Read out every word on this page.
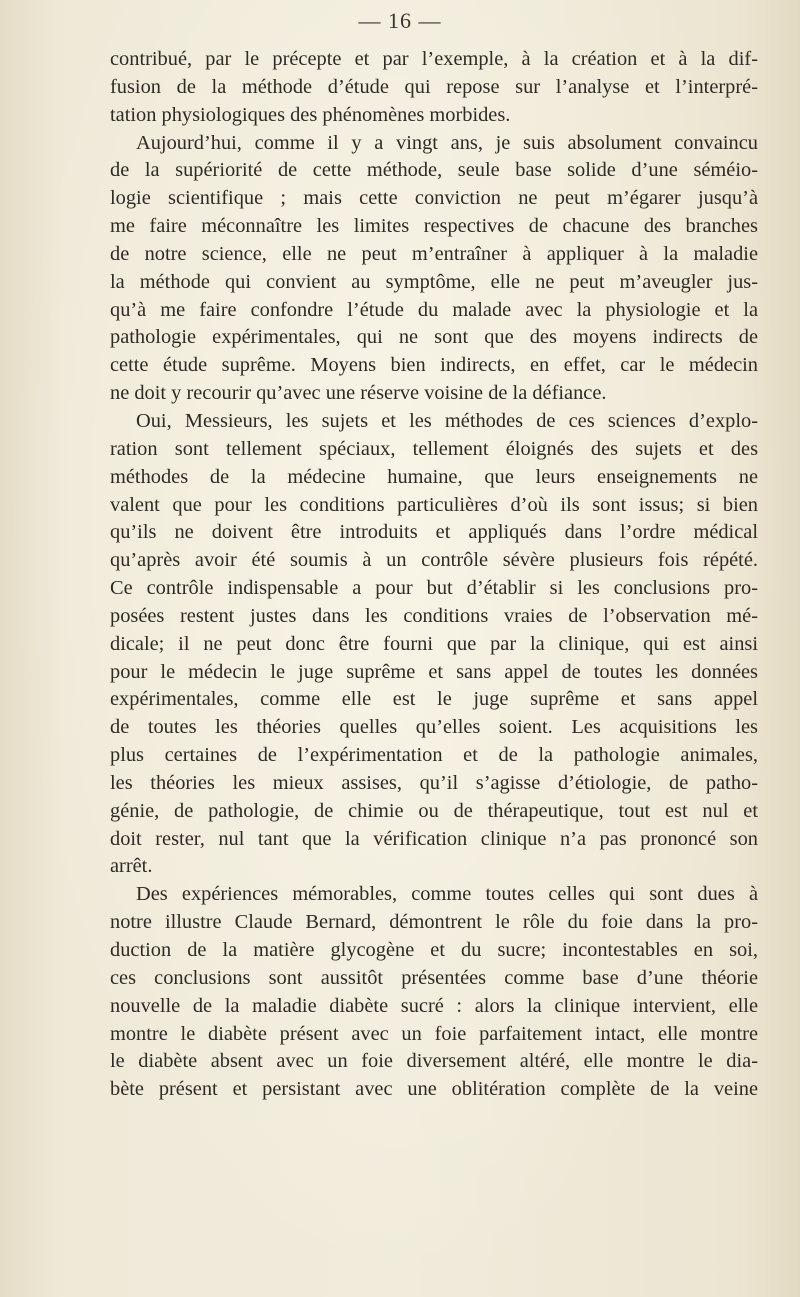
— 16 —
contribué, par le précepte et par l’exemple, à la création et à la dif-
fusion de la méthode d’étude qui repose sur l’analyse et l’interpré-
tation physiologiques des phénomènes morbides.
Aujourd’hui, comme il y a vingt ans, je suis absolument convaincu
de la supériorité de cette méthode, seule base solide d’une séméio-
logie scientifique ; mais cette conviction ne peut m’égarer jusqu’à
me faire méconnaître les limites respectives de chacune des branches
de notre science, elle ne peut m’entraîner à appliquer à la maladie
la méthode qui convient au symptôme, elle ne peut m’aveugler jus-
qu’à me faire confondre l’étude du malade avec la physiologie et la
pathologie expérimentales, qui ne sont que des moyens indirects de
cette étude suprême. Moyens bien indirects, en effet, car le médecin
ne doit y recourir qu’avec une réserve voisine de la défiance.
Oui, Messieurs, les sujets et les méthodes de ces sciences d’explo-
ration sont tellement spéciaux, tellement éloignés des sujets et des
méthodes de la médecine humaine, que leurs enseignements ne
valent que pour les conditions particulières d’où ils sont issus; si bien
qu’ils ne doivent être introduits et appliqués dans l’ordre médical
qu’après avoir été soumis à un contrôle sévère plusieurs fois répété.
Ce contrôle indispensable a pour but d’établir si les conclusions pro-
posées restent justes dans les conditions vraies de l’observation mé-
dicale; il ne peut donc être fourni que par la clinique, qui est ainsi
pour le médecin le juge suprême et sans appel de toutes les données
expérimentales, comme elle est le juge suprême et sans appel
de toutes les théories quelles qu’elles soient. Les acquisitions les
plus certaines de l’expérimentation et de la pathologie animales,
les théories les mieux assises, qu’il s’agisse d’étiologie, de patho-
génie, de pathologie, de chimie ou de thérapeutique, tout est nul et
doit rester, nul tant que la vérification clinique n’a pas prononcé son
arrêt.
Des expériences mémorables, comme toutes celles qui sont dues à
notre illustre Claude Bernard, démontrent le rôle du foie dans la pro-
duction de la matière glycogène et du sucre; incontestables en soi,
ces conclusions sont aussitôt présentées comme base d’une théorie
nouvelle de la maladie diabète sucré : alors la clinique intervient, elle
montre le diabète présent avec un foie parfaitement intact, elle montre
le diabète absent avec un foie diversement altéré, elle montre le dia-
bète présent et persistant avec une oblitération complète de la veine
